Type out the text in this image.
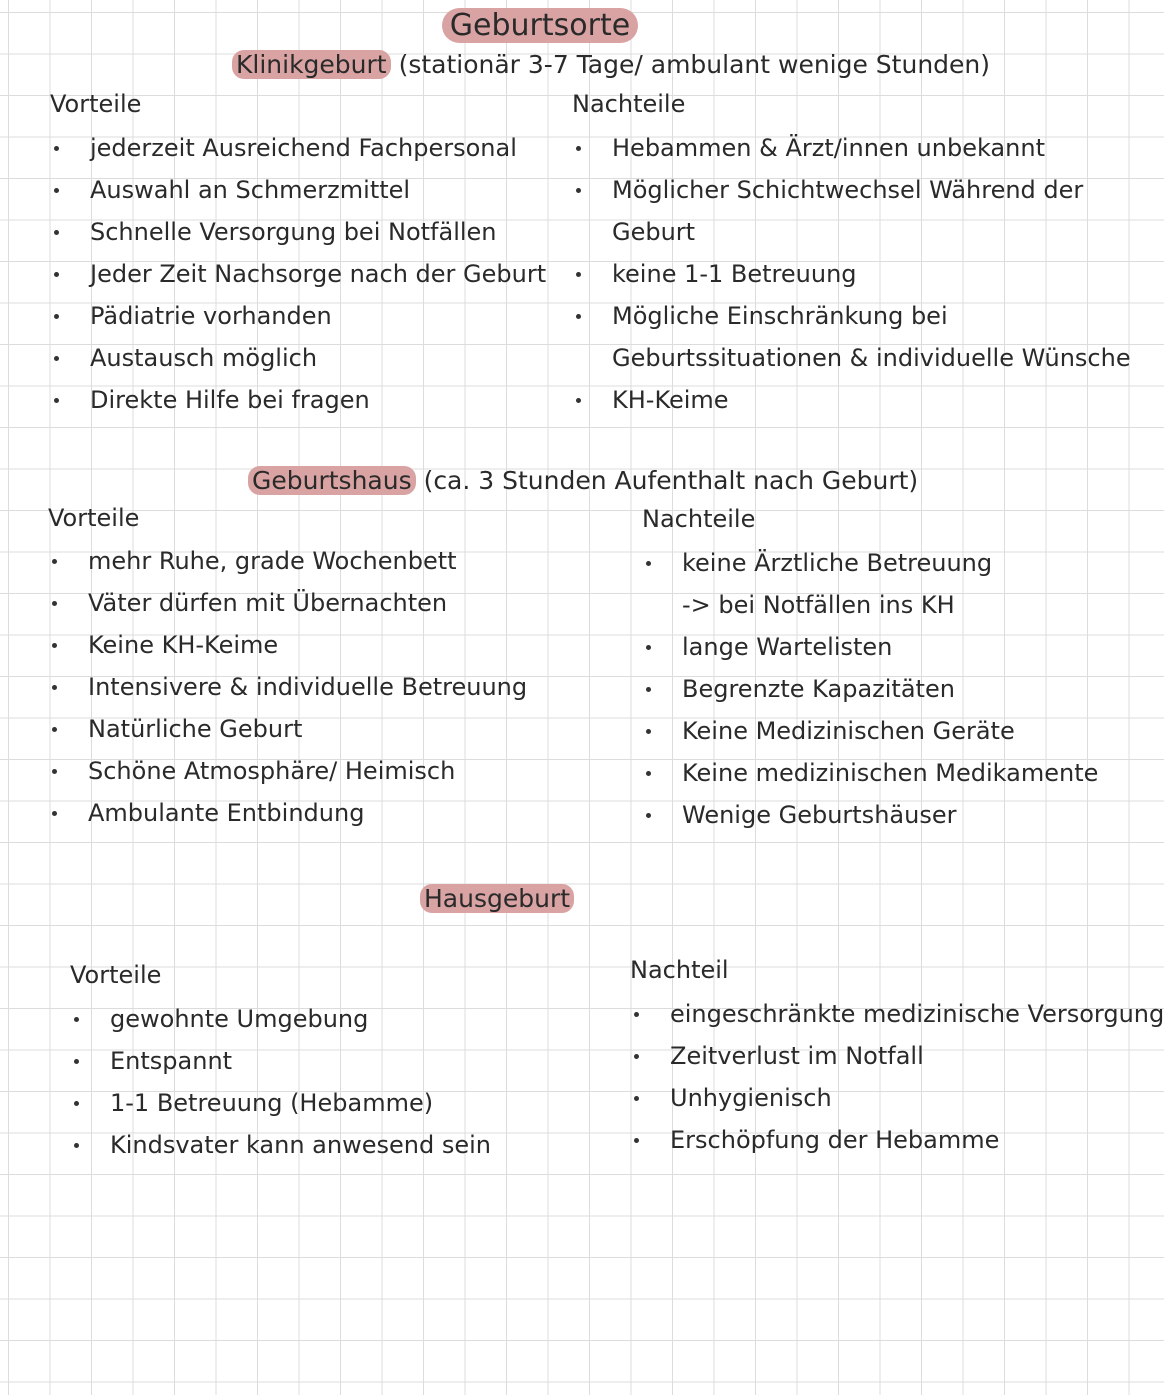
Geburtsorte
Klinikgeburt (stationär 3-7 Tage/ ambulant wenige Stunden)
Vorteile
jederzeit Ausreichend Fachpersonal
Auswahl an Schmerzmittel
Schnelle Versorgung bei Notfällen
Jeder Zeit Nachsorge nach der Geburt
Pädiatrie vorhanden
Austausch möglich
Direkte Hilfe bei fragen
Nachteile
Hebammen & Ärzt/innen unbekannt
Möglicher Schichtwechsel Während der
Geburt
keine 1-1 Betreuung
Mögliche Einschränkung bei
Geburtssituationen & individuelle Wünsche
KH-Keime
Geburtshaus (ca. 3 Stunden Aufenthalt nach Geburt)
Vorteile
mehr Ruhe, grade Wochenbett
Väter dürfen mit Übernachten
Keine KH-Keime
Intensivere & individuelle Betreuung
Natürliche Geburt
Schöne Atmosphäre/ Heimisch
Ambulante Entbindung
Nachteile
keine Ärztliche Betreuung
-> bei Notfällen ins KH
lange Wartelisten
Begrenzte Kapazitäten
Keine Medizinischen Geräte
Keine medizinischen Medikamente
Wenige Geburtshäuser
Hausgeburt
Vorteile
gewohnte Umgebung
Entspannt
1-1 Betreuung (Hebamme)
Kindsvater kann anwesend sein
Nachteil
eingeschränkte medizinische Versorgung
Zeitverlust im Notfall
Unhygienisch
Erschöpfung der Hebamme
